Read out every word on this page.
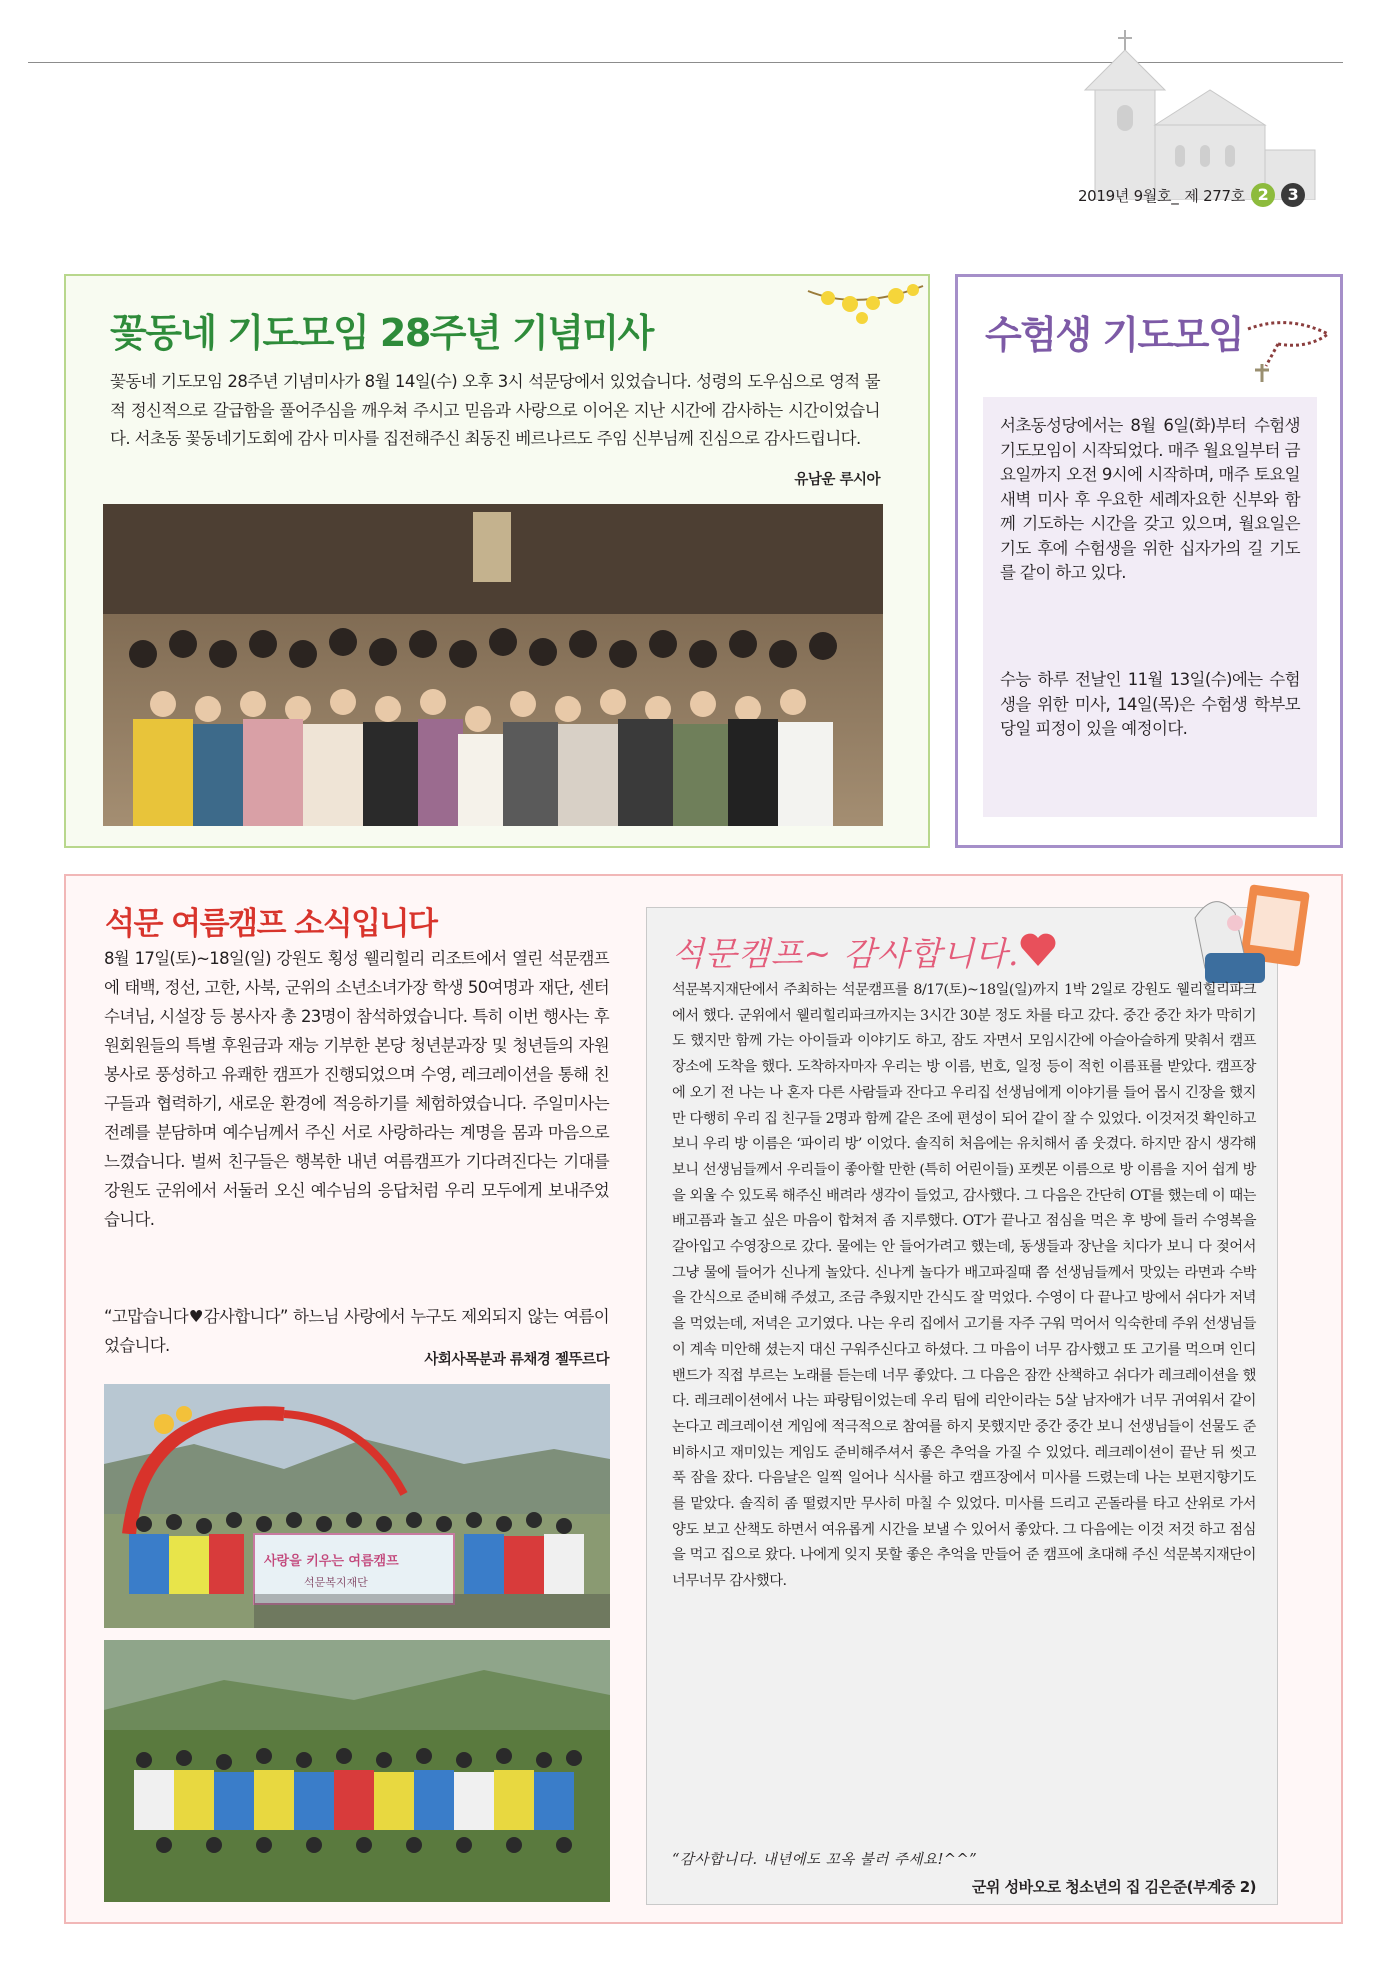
2019년 9월호_ 제 277호 2	3
꽃동네 기도모임 28주년 기념미사
꽃동네 기도모임 28주년 기념미사가 8월 14일(수) 오후 3시 석문당에서 있었습니다. 성령의 도우심으로 영적 물적 정신적으로 갈급함을 풀어주심을 깨우쳐 주시고 믿음과 사랑으로 이어온 지난 시간에 감사하는 시간이었습니다. 서초동 꽃동네기도회에 감사 미사를 집전해주신 최동진 베르나르도 주임 신부님께 진심으로 감사드립니다.
유남운 루시아
수험생 기도모임
서초동성당에서는 8월 6일(화)부터 수험생 기도모임이 시작되었다. 매주 월요일부터 금요일까지 오전 9시에 시작하며, 매주 토요일 새벽 미사 후 우요한 세례자요한 신부와 함께 기도하는 시간을 갖고 있으며, 월요일은 기도 후에 수험생을 위한 십자가의 길 기도를 같이 하고 있다.
수능 하루 전날인 11월 13일(수)에는 수험생을 위한 미사, 14일(목)은 수험생 학부모 당일 피정이 있을 예정이다.
석문 여름캠프 소식입니다
8월 17일(토)~18일(일) 강원도 횡성 웰리힐리 리조트에서 열린 석문캠프에 태백, 정선, 고한, 사북, 군위의 소년소녀가장 학생 50여명과 재단, 센터 수녀님, 시설장 등 봉사자 총 23명이 참석하였습니다. 특히 이번 행사는 후원회원들의 특별 후원금과 재능 기부한 본당 청년분과장 및 청년들의 자원봉사로 풍성하고 유쾌한 캠프가 진행되었으며 수영, 레크레이션을 통해 친구들과 협력하기, 새로운 환경에 적응하기를 체험하였습니다. 주일미사는 전례를 분담하며 예수님께서 주신 서로 사랑하라는 계명을 몸과 마음으로 느꼈습니다. 벌써 친구들은 행복한 내년 여름캠프가 기다려진다는 기대를 강원도 군위에서 서둘러 오신 예수님의 응답처럼 우리 모두에게 보내주었습니다.
“고맙습니다♥감사합니다” 하느님 사랑에서 누구도 제외되지 않는 여름이었습니다.
사회사목분과 류채경 젤뚜르다
사랑을 키우는 여름캠프
석문복지재단
석문캠프~ 감사합니다.
석문복지재단에서 주최하는 석문캠프를 8/17(토)~18일(일)까지 1박 2일로 강원도 웰리힐리파크에서 했다. 군위에서 웰리힐리파크까지는 3시간 30분 정도 차를 타고 갔다. 중간 중간 차가 막히기도 했지만 함께 가는 아이들과 이야기도 하고, 잠도 자면서 모임시간에 아슬아슬하게 맞춰서 캠프 장소에 도착을 했다. 도착하자마자 우리는 방 이름, 번호, 일정 등이 적힌 이름표를 받았다. 캠프장에 오기 전 나는 나 혼자 다른 사람들과 잔다고 우리집 선생님에게 이야기를 들어 몹시 긴장을 했지만 다행히 우리 집 친구들 2명과 함께 같은 조에 편성이 되어 같이 잘 수 있었다. 이것저것 확인하고 보니 우리 방 이름은 ‘파이리 방’ 이었다. 솔직히 처음에는 유치해서 좀 웃겼다. 하지만 잠시 생각해보니 선생님들께서 우리들이 좋아할 만한 (특히 어린이들) 포켓몬 이름으로 방 이름을 지어 쉽게 방을 외울 수 있도록 해주신 배려라 생각이 들었고, 감사했다. 그 다음은 간단히 OT를 했는데 이 때는 배고픔과 놀고 싶은 마음이 합쳐져 좀 지루했다. OT가 끝나고 점심을 먹은 후 방에 들러 수영복을 갈아입고 수영장으로 갔다. 물에는 안 들어가려고 했는데, 동생들과 장난을 치다가 보니 다 젖어서 그냥 물에 들어가 신나게 놀았다. 신나게 놀다가 배고파질때 쯤 선생님들께서 맛있는 라면과 수박을 간식으로 준비해 주셨고, 조금 추웠지만 간식도 잘 먹었다. 수영이 다 끝나고 방에서 쉬다가 저녁을 먹었는데, 저녁은 고기였다. 나는 우리 집에서 고기를 자주 구워 먹어서 익숙한데 주위 선생님들이 계속 미안해 셨는지 대신 구워주신다고 하셨다. 그 마음이 너무 감사했고 또 고기를 먹으며 인디밴드가 직접 부르는 노래를 듣는데 너무 좋았다. 그 다음은 잠깐 산책하고 쉬다가 레크레이션을 했다. 레크레이션에서 나는 파랑팀이었는데 우리 팀에 리안이라는 5살 남자애가 너무 귀여워서 같이 논다고 레크레이션 게임에 적극적으로 참여를 하지 못했지만 중간 중간 보니 선생님들이 선물도 준비하시고 재미있는 게임도 준비해주셔서 좋은 추억을 가질 수 있었다. 레크레이션이 끝난 뒤 씻고 푹 잠을 잤다. 다음날은 일찍 일어나 식사를 하고 캠프장에서 미사를 드렸는데 나는 보편지향기도를 맡았다. 솔직히 좀 떨렸지만 무사히 마칠 수 있었다. 미사를 드리고 곤돌라를 타고 산위로 가서 양도 보고 산책도 하면서 여유롭게 시간을 보낼 수 있어서 좋았다. 그 다음에는 이것 저것 하고 점심을 먹고 집으로 왔다. 나에게 잊지 못할 좋은 추억을 만들어 준 캠프에 초대해 주신 석문복지재단이 너무너무 감사했다.
“감사합니다. 내년에도 꼬옥 불러 주세요!^^”
군위 성바오로 청소년의 집 김은준(부계중 2)
